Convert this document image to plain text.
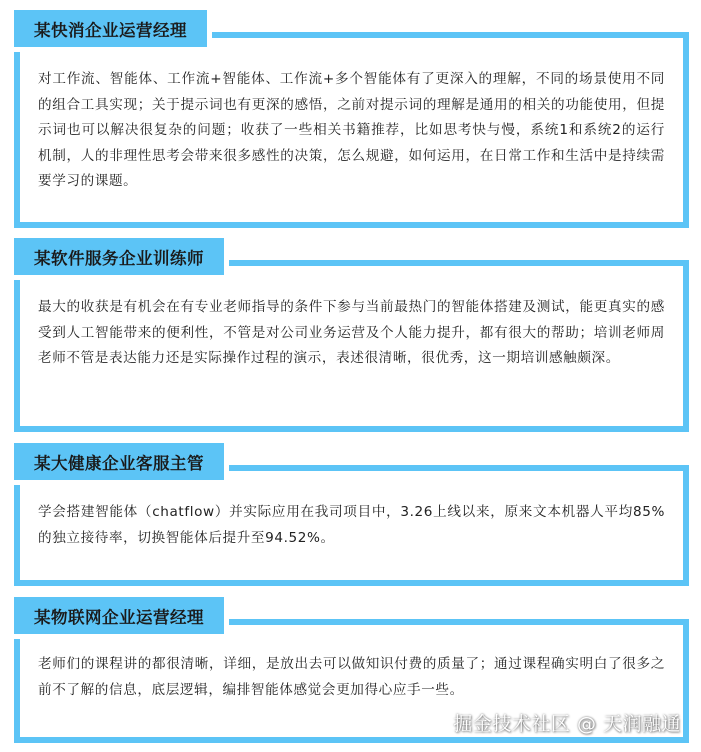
某快消企业运营经理

对工作流、智能体、工作流+智能体、工作流+多个智能体有了更深入的理解，不同的场景使用不同的组合工具实现；关于提示词也有更深的感悟，之前对提示词的理解是通用的相关的功能使用，但提示词也可以解决很复杂的问题；收获了一些相关书籍推荐，比如思考快与慢，系统1和系统2的运行机制，人的非理性思考会带来很多感性的决策，怎么规避，如何运用，在日常工作和生活中是持续需要学习的课题。

某软件服务企业训练师

最大的收获是有机会在有专业老师指导的条件下参与当前最热门的智能体搭建及测试，能更真实的感受到人工智能带来的便利性，不管是对公司业务运营及个人能力提升，都有很大的帮助；培训老师周老师不管是表达能力还是实际操作过程的演示，表述很清晰，很优秀，这一期培训感触颇深。

某大健康企业客服主管

学会搭建智能体（chatflow）并实际应用在我司项目中，3.26上线以来，原来文本机器人平均85%的独立接待率，切换智能体后提升至94.52%。

某物联网企业运营经理

老师们的课程讲的都很清晰，详细，是放出去可以做知识付费的质量了；通过课程确实明白了很多之前不了解的信息，底层逻辑，编排智能体感觉会更加得心应手一些。

掘金技术社区 @ 天润融通
